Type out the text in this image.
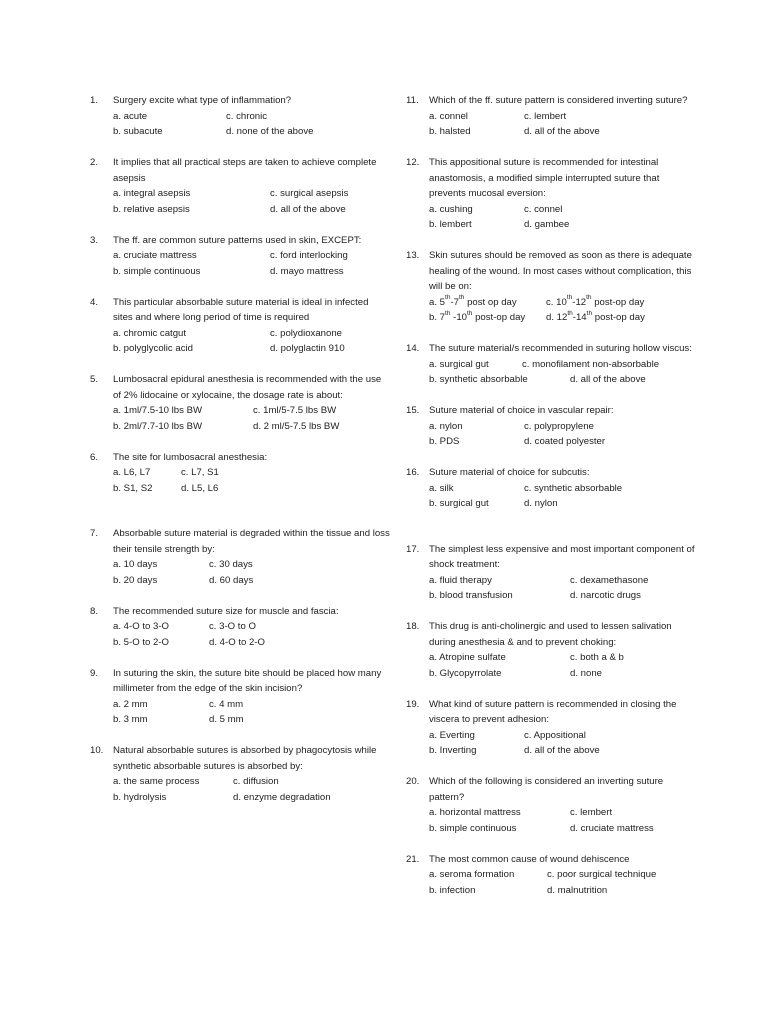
1. Surgery excite what type of inflammation?
a. acute	c. chronic
b. subacute	d. none of the above
2. It implies that all practical steps are taken to achieve complete asepsis
a. integral asepsis	c. surgical asepsis
b. relative asepsis	d. all of the above
3. The ff. are common suture patterns used in skin, EXCEPT:
a. cruciate mattress	c. ford interlocking
b. simple continuous	d. mayo mattress
4. This particular absorbable suture material is ideal in infected sites and where long period of time is required
a. chromic catgut	c. polydioxanone
b. polyglycolic acid	d. polyglactin 910
5. Lumbosacral epidural anesthesia is recommended with the use of 2% lidocaine or xylocaine, the dosage rate is about:
a. 1ml/7.5-10 lbs BW	c. 1ml/5-7.5 lbs BW
b. 2ml/7.7-10 lbs BW	d. 2 ml/5-7.5 lbs BW
6. The site for lumbosacral anesthesia:
a. L6, L7	c. L7, S1
b. S1, S2	d. L5, L6
7. Absorbable suture material is degraded within the tissue and loss their tensile strength by:
a. 10 days	c. 30 days
b. 20 days	d. 60 days
8. The recommended suture size for muscle and fascia:
a. 4-O to 3-O	c. 3-O to O
b. 5-O to 2-O	d. 4-O to 2-O
9. In suturing the skin, the suture bite should be placed how many millimeter from the edge of the skin incision?
a. 2 mm	c. 4 mm
b. 3 mm	d. 5 mm
10. Natural absorbable sutures is absorbed by phagocytosis while synthetic absorbable sutures is absorbed by:
a. the same process	c. diffusion
b. hydrolysis	d. enzyme degradation
11. Which of the ff. suture pattern is considered inverting suture?
a. connel	c. lembert
b. halsted	d. all of the above
12. This appositional suture is recommended for intestinal anastomosis, a modified simple interrupted suture that prevents mucosal eversion:
a. cushing	c. connel
b. lembert	d. gambee
13. Skin sutures should be removed as soon as there is adequate healing of the wound. In most cases without complication, this will be on:
a. 5th-7th post op day	c. 10th-12th post-op day
b. 7th -10th post-op day d. 12th-14th post-op day
14. The suture material/s recommended in suturing hollow viscus:
a. surgical gut	c. monofilament non-absorbable
b. synthetic absorbable	d. all of the above
15. Suture material of choice in vascular repair:
a. nylon	c. polypropylene
b. PDS	d. coated polyester
16. Suture material of choice for subcutis:
a. silk	c. synthetic absorbable
b. surgical gut	d. nylon
17. The simplest less expensive and most important component of shock treatment:
a. fluid therapy	c. dexamethasone
b. blood transfusion	d. narcotic drugs
18. This drug is anti-cholinergic and used to lessen salivation during anesthesia & and to prevent choking:
a. Atropine sulfate	c. both a & b
b. Glycopyrrolate	d. none
19. What kind of suture pattern is recommended in closing the viscera to prevent adhesion:
a. Everting	c. Appositional
b. Inverting	d. all of the above
20. Which of the following is considered an inverting suture pattern?
a. horizontal mattress	c. lembert
b. simple continuous	d. cruciate mattress
21. The most common cause of wound dehiscence
a. seroma formation	c. poor surgical technique
b. infection	d. malnutrition
